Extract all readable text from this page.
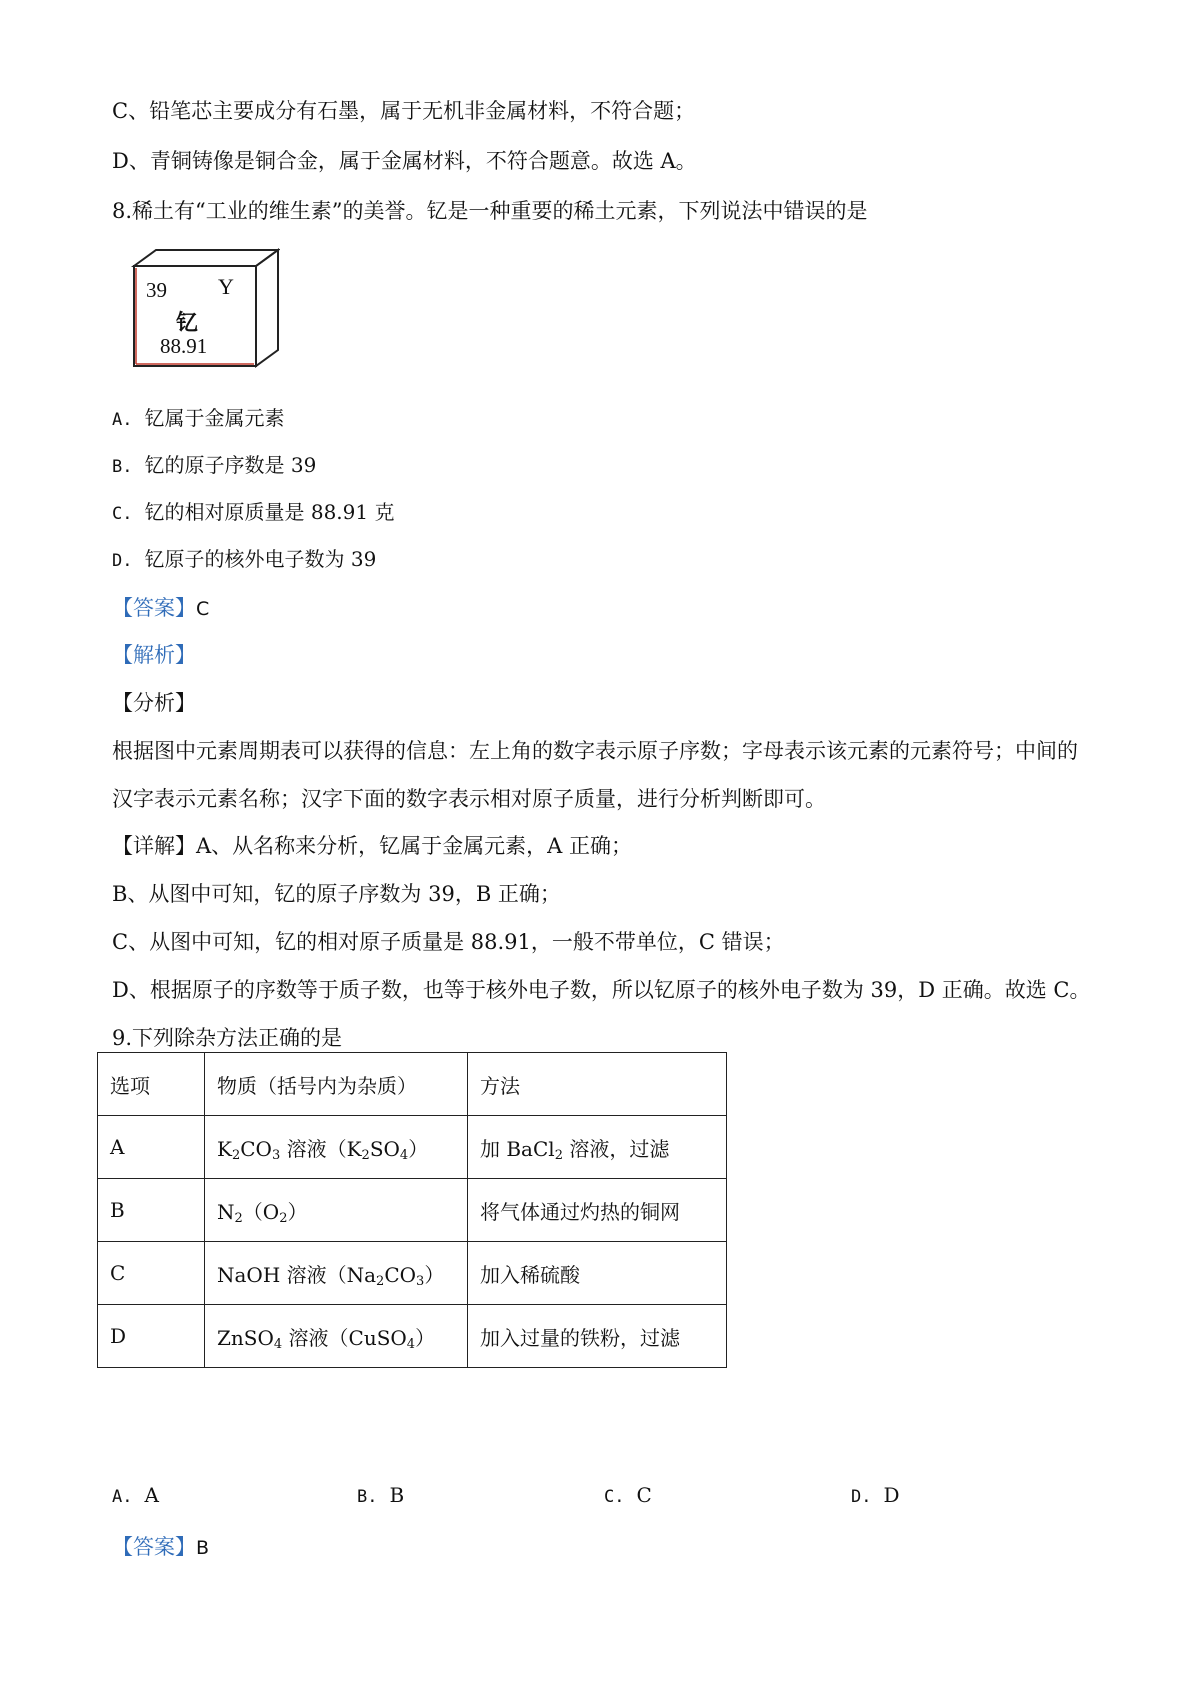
C、铅笔芯主要成分有石墨，属于无机非金属材料，不符合题；
D、青铜铸像是铜合金，属于金属材料，不符合题意。故选 A。
8.稀土有“工业的维生素”的美誉。钇是一种重要的稀土元素，下列说法中错误的是
39 Y
钇
88.91
A. 钇属于金属元素
B. 钇的原子序数是 39
C. 钇的相对原质量是 88.91 克
D. 钇原子的核外电子数为 39
【答案】C
【解析】
【分析】
根据图中元素周期表可以获得的信息：左上角的数字表示原子序数；字母表示该元素的元素符号；中间的
汉字表示元素名称；汉字下面的数字表示相对原子质量，进行分析判断即可。
【详解】A、从名称来分析，钇属于金属元素，A 正确；
B、从图中可知，钇的原子序数为 39，B 正确；
C、从图中可知，钇的相对原子质量是 88.91，一般不带单位，C 错误；
D、根据原子的序数等于质子数，也等于核外电子数，所以钇原子的核外电子数为 39，D 正确。故选 C。
9.下列除杂方法正确的是
选项	物质（括号内为杂质）	方法
A	$K_2CO_3$ 溶液$(K_2SO_4)$	加 BaCl$_2$ 溶液，过滤
B	$N_2(O_2)$	将气体通过灼热的铜网
C	NaOH 溶液$(Na_2CO_3)$	加入稀硫酸
D	ZnSO$_4$ 溶液（CuSO$_4$）	加入过量的铁粉，过滤
A. A	B. B	C. C	D. D
【答案】B
